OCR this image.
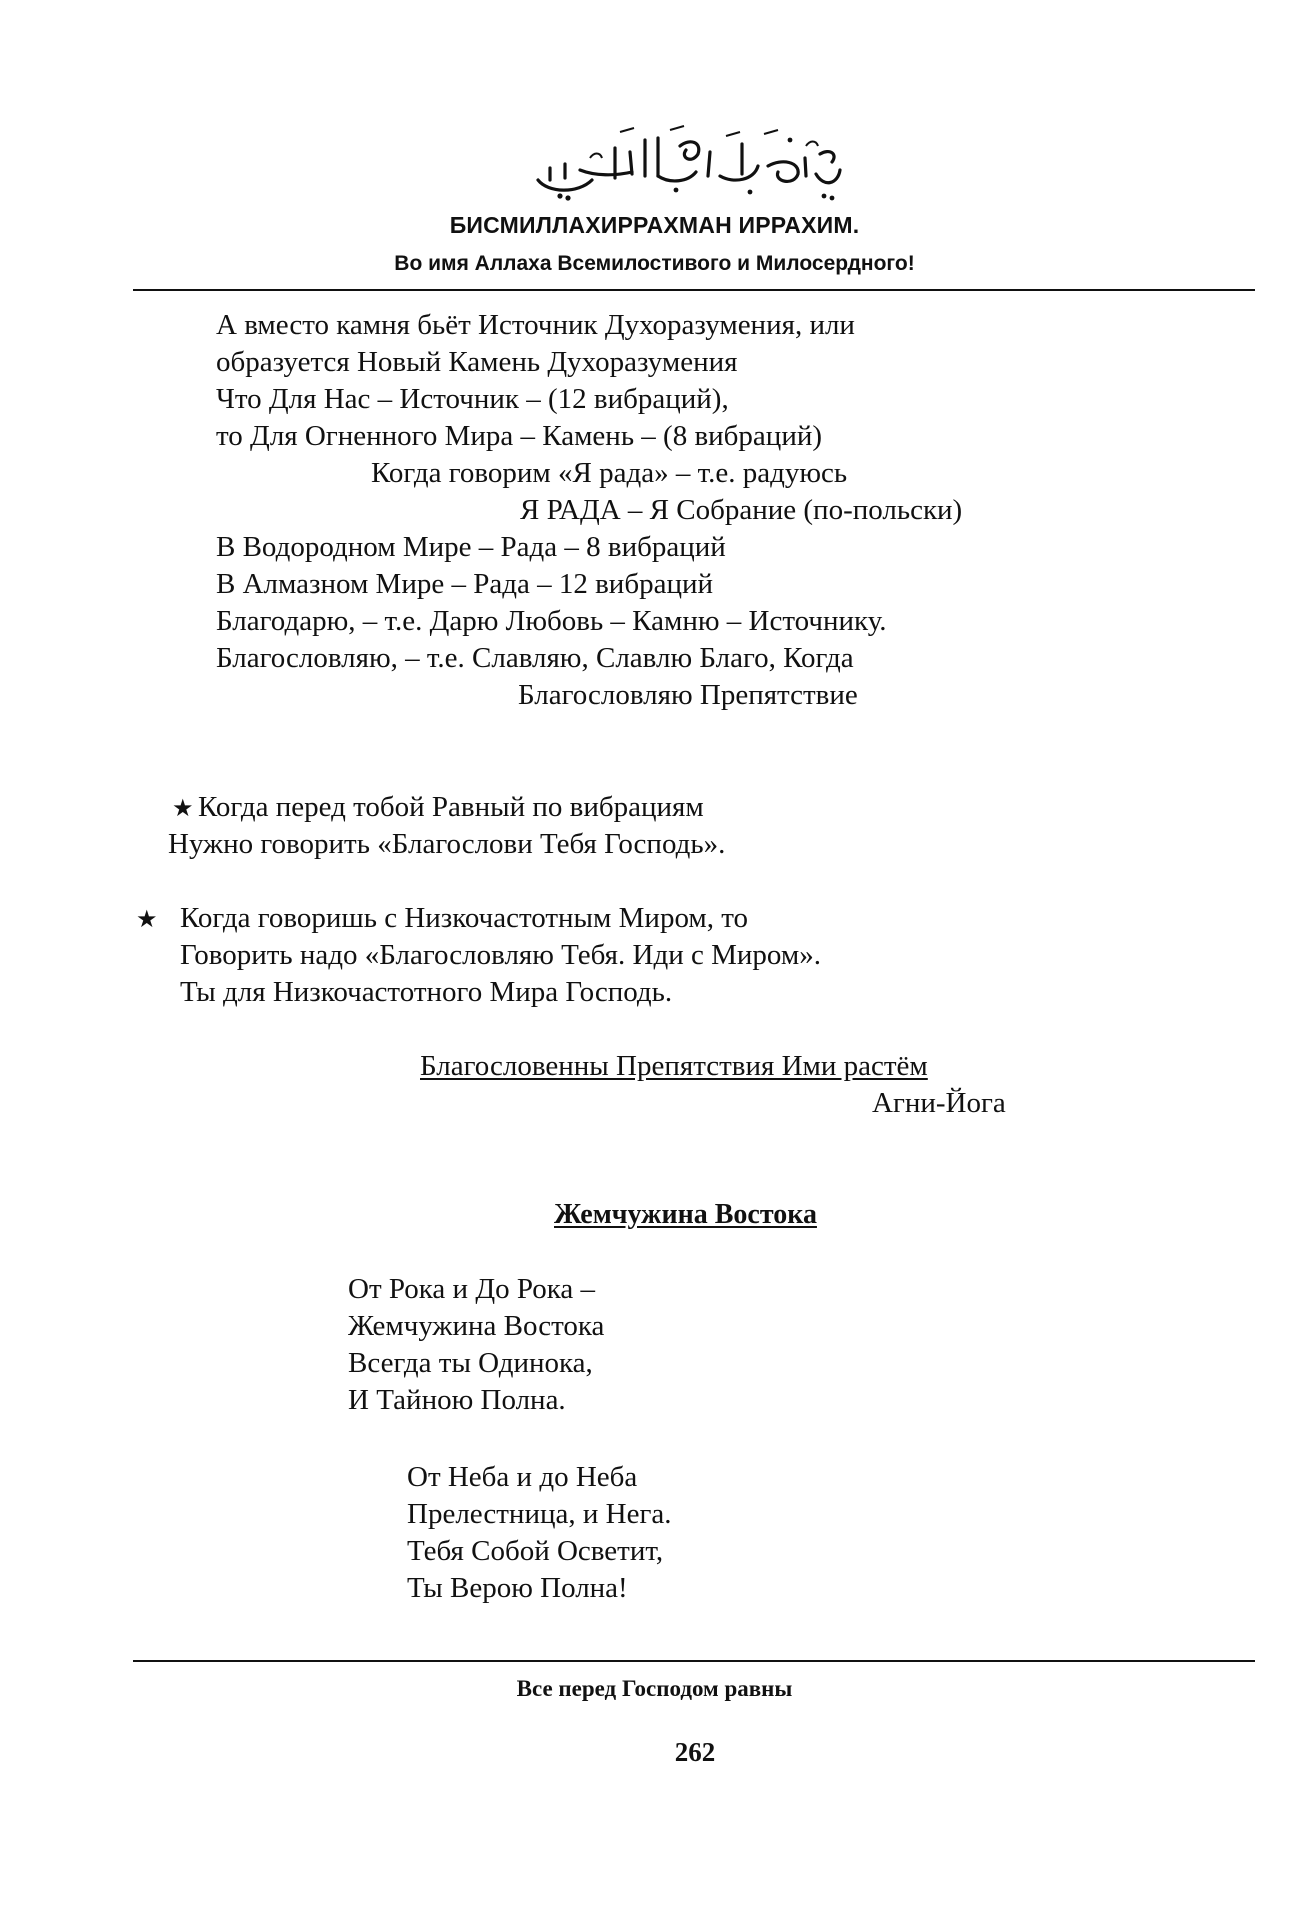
БИСМИЛЛАХИРРАХМАН ИРРАХИМ.
Во имя Аллаха Всемилостивого и Милосердного!
А вместо камня бьёт Источник Духоразумения, или
образуется Новый Камень Духоразумения
Что Для Нас – Источник – (12 вибраций),
то Для Огненного Мира – Камень – (8 вибраций)
Когда говорим «Я рада» – т.е. радуюсь
Я РАДА – Я Собрание (по-польски)
В Водородном Мире – Рада – 8 вибраций
В Алмазном Мире – Рада – 12 вибраций
Благодарю, – т.е. Дарю Любовь – Камню – Источнику.
Благословляю, – т.е. Славляю, Славлю Благо, Когда
Благословляю Препятствие
★ Когда перед тобой Равный по вибрациям
Нужно говорить «Благослови Тебя Господь».
★ Когда говоришь с Низкочастотным Миром, то
Говорить надо «Благословляю Тебя. Иди с Миром».
Ты для Низкочастотного Мира Господь.
Благословенны Препятствия Ими растём
Агни-Йога
Жемчужина Востока
От Рока и До Рока –
Жемчужина Востока
Всегда ты Одинока,
И Тайною Полна.
От Неба и до Неба
Прелестница, и Нега.
Тебя Собой Осветит,
Ты Верою Полна!
Все перед Господом равны
262
